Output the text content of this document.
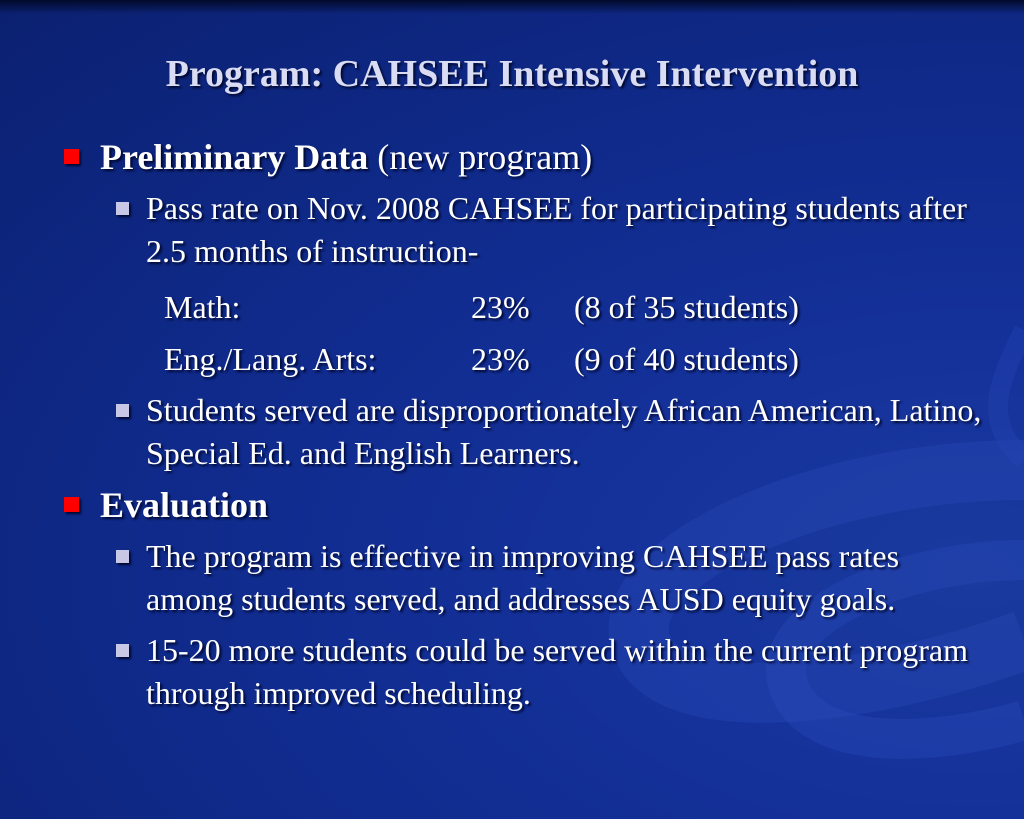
Program: CAHSEE Intensive Intervention
Preliminary Data (new program)
Pass rate on Nov. 2008 CAHSEE for participating students after 2.5 months of instruction-
Math:	23% (8 of 35 students)
Eng./Lang. Arts:	23% (9 of 40 students)
Students served are disproportionately African American, Latino, Special Ed. and English Learners.
Evaluation
The program is effective in improving CAHSEE pass rates among students served, and addresses AUSD equity goals.
15-20 more students could be served within the current program through improved scheduling.
